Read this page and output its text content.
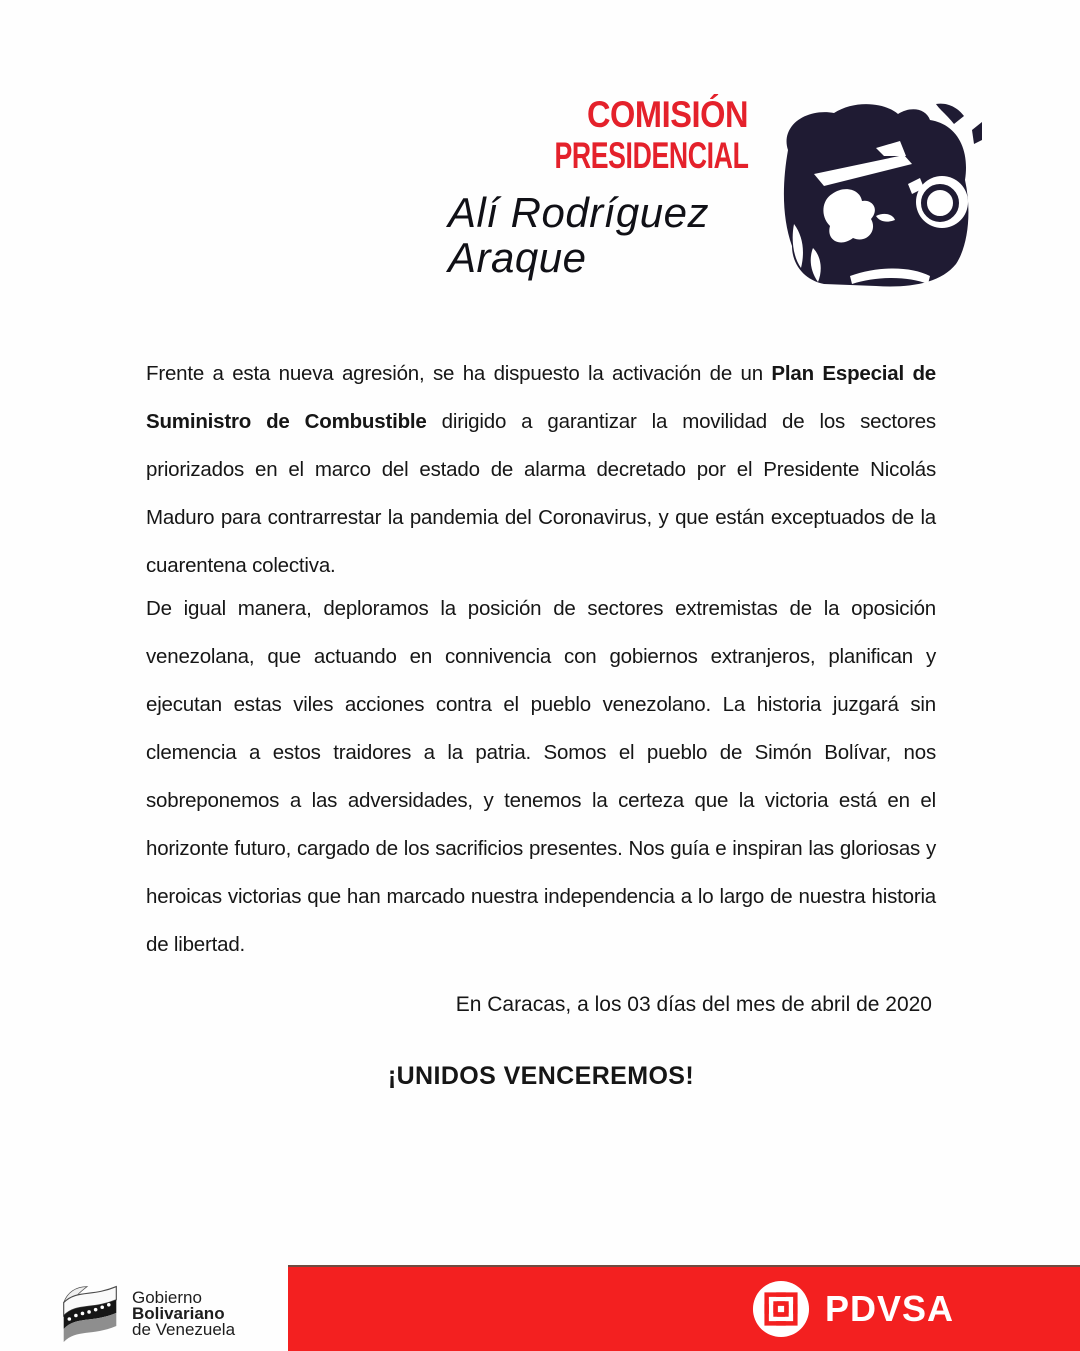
COMISIÓN
PRESIDENCIAL
Alí Rodríguez
Araque

Frente a esta nueva agresión, se ha dispuesto la activación de un Plan Especial de Suministro de Combustible dirigido a garantizar la movilidad de los sectores priorizados en el marco del estado de alarma decretado por el Presidente Nicolás Maduro para contrarrestar la pandemia del Coronavirus, y que están exceptuados de la cuarentena colectiva.

De igual manera, deploramos la posición de sectores extremistas de la oposición venezolana, que actuando en connivencia con gobiernos extranjeros, planifican y ejecutan estas viles acciones contra el pueblo venezolano. La historia juzgará sin clemencia a estos traidores a la patria. Somos el pueblo de Simón Bolívar, nos sobreponemos a las adversidades, y tenemos la certeza que la victoria está en el horizonte futuro, cargado de los sacrificios presentes. Nos guía e inspiran las gloriosas y heroicas victorias que han marcado nuestra independencia a lo largo de nuestra historia de libertad.

En Caracas, a los 03 días del mes de abril de 2020

¡UNIDOS VENCEREMOS!

Gobierno
Bolivariano
de Venezuela	PDVSA
